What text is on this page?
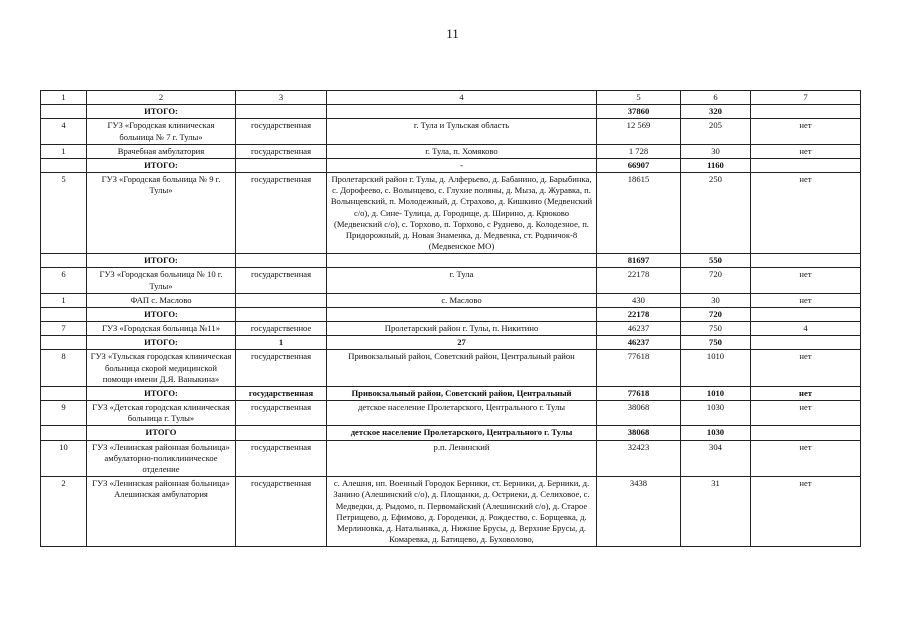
11
1	2	3	4	5	6	7
	ИТОГО:			37860	320	
4	ГУЗ «Городская клиническая больница № 7 г. Тулы»	государственная	г. Тула и Тульская область	12 569	205	нет
1	Врачебная амбулатория	государственная	г. Тула, п. Хомяково	1 728	30	нет
	ИТОГО:		-	66907	1160	
5	ГУЗ «Городская больница № 9 г. Тулы»	государственная	Пролетарский район г. Тулы, д. Алферьево, д. Бабанино, д. Барыбинка, с. Дорофеево, с. Волынцево, с. Глухие поляны, д. Мыза, д. Журавка, п. Волынцевский, п. Молодежный, д. Страхово, д. Кишкино (Медвенский с/о), д. Сине- Тулица, д. Городище, д. Ширино, д. Крюково (Медвенский с/о), с. Торхово, п. Торхово, с Руднево, д. Колодезное, п. Придорожный, д. Новая Знаменка, д. Медвенка, ст. Родничок-8 (Медвенское МО)	18615	250	нет
	ИТОГО:			81697	550	
6	ГУЗ «Городская больница № 10 г. Тулы»	государственная	г. Тула	22178	720	нет
1	ФАП с. Маслово		с. Маслово	430	30	нет
	ИТОГО:			22178	720	
7	ГУЗ «Городская больница №11»	государственное	Пролетарский район г. Тулы, п. Никитино	46237	750	4
	ИТОГО:	1	27	46237	750	
8	ГУЗ «Тульская городская клиническая больница скорой медицинской помощи имени Д.Я. Ваныкина»	государственная	Привокзальный район, Советский район, Центральный район	77618	1010	нет
	ИТОГО:	государственная	Привокзальный район, Советский район, Центральный	77618	1010	нет
9	ГУЗ «Детская городская клиническая больница г. Тулы»	государственная	детское население Пролетарского, Центрального г. Тулы	38068	1030	нет
	ИТОГО		детское население Пролетарского, Центрального г. Тулы	38068	1030	
10	ГУЗ «Ленинская районная больница» амбулаторно-поликлиническое отделение	государственная	р.п. Ленинский	32423	304	нет
2	ГУЗ «Ленинская районная больница» Алешинская амбулатория	государственная	с. Алешня, нп. Военный Городок Берники, ст. Берники, д. Берники, д. Занино (Алешинский с/о), д. Площанки, д. Остриеки, д. Селиховое, с. Медведки, д. Рыдомо, п. Первомайский (Алешинский с/о), д. Старое Петрищево, д. Ефимово, д. Городенки, д. Рождество, с. Борщевка, д. Мерлиновка, д. Натальинка, д. Нижние Брусы, д. Верхние Брусы, д. Комаревка, д. Батищево, д. Буховолово,	3438	31	нет
